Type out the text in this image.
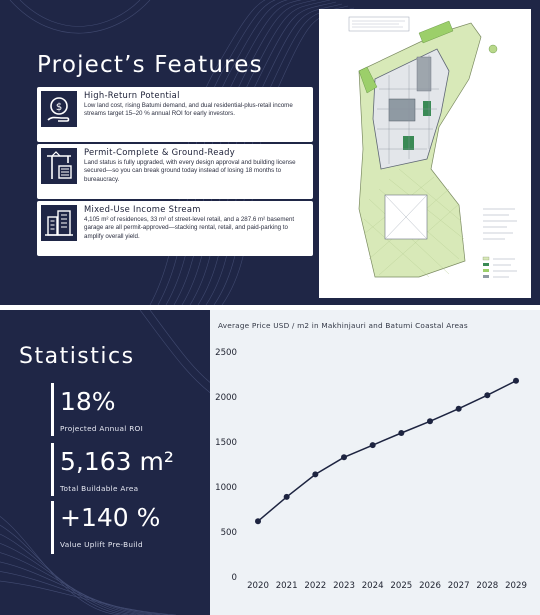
Project’s Features
$
High-Return Potential
Low land cost, rising Batumi demand, and dual residential-plus-retail income streams target 15–20 % annual ROI for early investors.
Permit-Complete & Ground-Ready
Land status is fully upgraded, with every design approval and building license secured—so you can break ground today instead of losing 18 months to bureaucracy.
Mixed-Use Income Stream
4,105 m² of residences, 33 m² of street-level retail, and a 287.6 m² basement garage are all permit-approved—stacking rental, retail, and paid-parking to amplify overall yield.
Statistics
18%
Projected Annual ROI
5,163 m²
Total Buildable Area
+140 %
Value Uplift Pre-Build
Average Price USD / m2 in Makhinjauri and Batumi Coastal Areas
0
500
1000
1500
2000
2500
2020 2021 2022 2023 2024 2025 2026 2027 2028 2029
